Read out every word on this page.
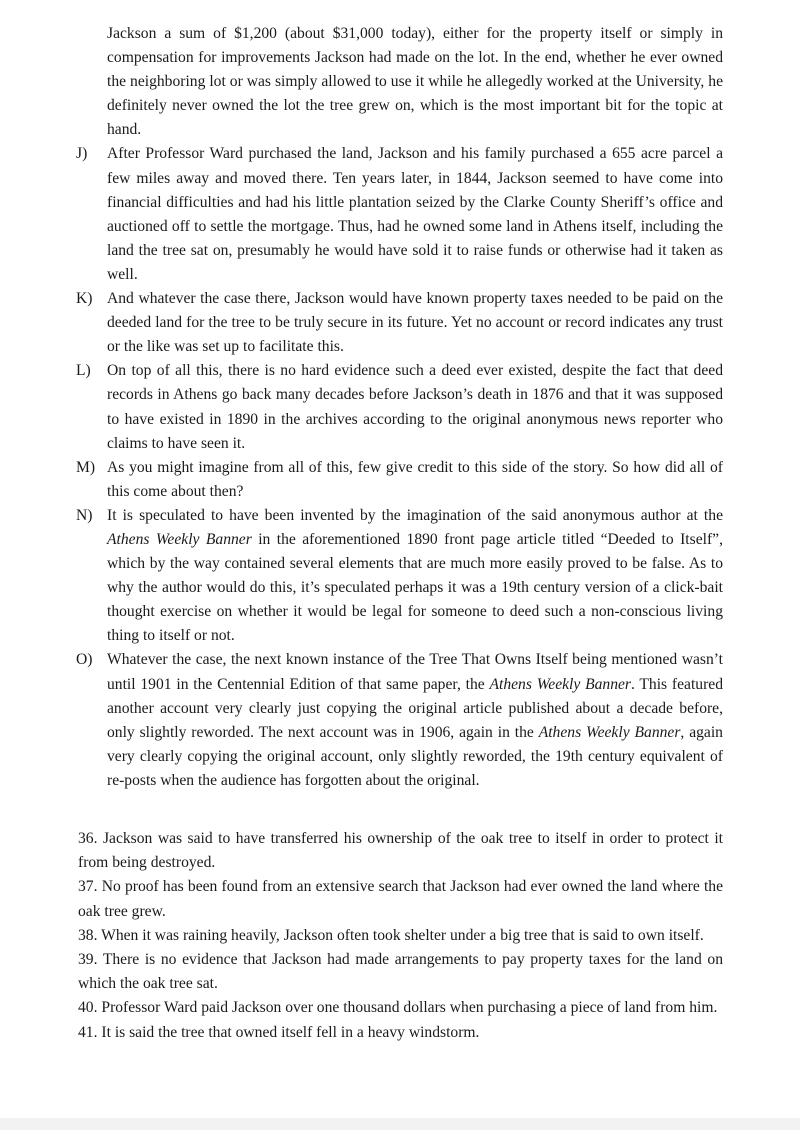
Jackson a sum of $1,200 (about $31,000 today), either for the property itself or simply in compensation for improvements Jackson had made on the lot. In the end, whether he ever owned the neighboring lot or was simply allowed to use it while he allegedly worked at the University, he definitely never owned the lot the tree grew on, which is the most important bit for the topic at hand.

J) After Professor Ward purchased the land, Jackson and his family purchased a 655 acre parcel a few miles away and moved there. Ten years later, in 1844, Jackson seemed to have come into financial difficulties and had his little plantation seized by the Clarke County Sheriff’s office and auctioned off to settle the mortgage. Thus, had he owned some land in Athens itself, including the land the tree sat on, presumably he would have sold it to raise funds or otherwise had it taken as well.

K) And whatever the case there, Jackson would have known property taxes needed to be paid on the deeded land for the tree to be truly secure in its future. Yet no account or record indicates any trust or the like was set up to facilitate this.

L) On top of all this, there is no hard evidence such a deed ever existed, despite the fact that deed records in Athens go back many decades before Jackson’s death in 1876 and that it was supposed to have existed in 1890 in the archives according to the original anonymous news reporter who claims to have seen it.

M) As you might imagine from all of this, few give credit to this side of the story. So how did all of this come about then?

N) It is speculated to have been invented by the imagination of the said anonymous author at the Athens Weekly Banner in the aforementioned 1890 front page article titled “Deeded to Itself”, which by the way contained several elements that are much more easily proved to be false. As to why the author would do this, it’s speculated perhaps it was a 19th century version of a click-bait thought exercise on whether it would be legal for someone to deed such a non-conscious living thing to itself or not.

O) Whatever the case, the next known instance of the Tree That Owns Itself being mentioned wasn’t until 1901 in the Centennial Edition of that same paper, the Athens Weekly Banner. This featured another account very clearly just copying the original article published about a decade before, only slightly reworded. The next account was in 1906, again in the Athens Weekly Banner, again very clearly copying the original account, only slightly reworded, the 19th century equivalent of re-posts when the audience has forgotten about the original.

36. Jackson was said to have transferred his ownership of the oak tree to itself in order to protect it from being destroyed.

37. No proof has been found from an extensive search that Jackson had ever owned the land where the oak tree grew.

38. When it was raining heavily, Jackson often took shelter under a big tree that is said to own itself.

39. There is no evidence that Jackson had made arrangements to pay property taxes for the land on which the oak tree sat.

40. Professor Ward paid Jackson over one thousand dollars when purchasing a piece of land from him.

41. It is said the tree that owned itself fell in a heavy windstorm.
